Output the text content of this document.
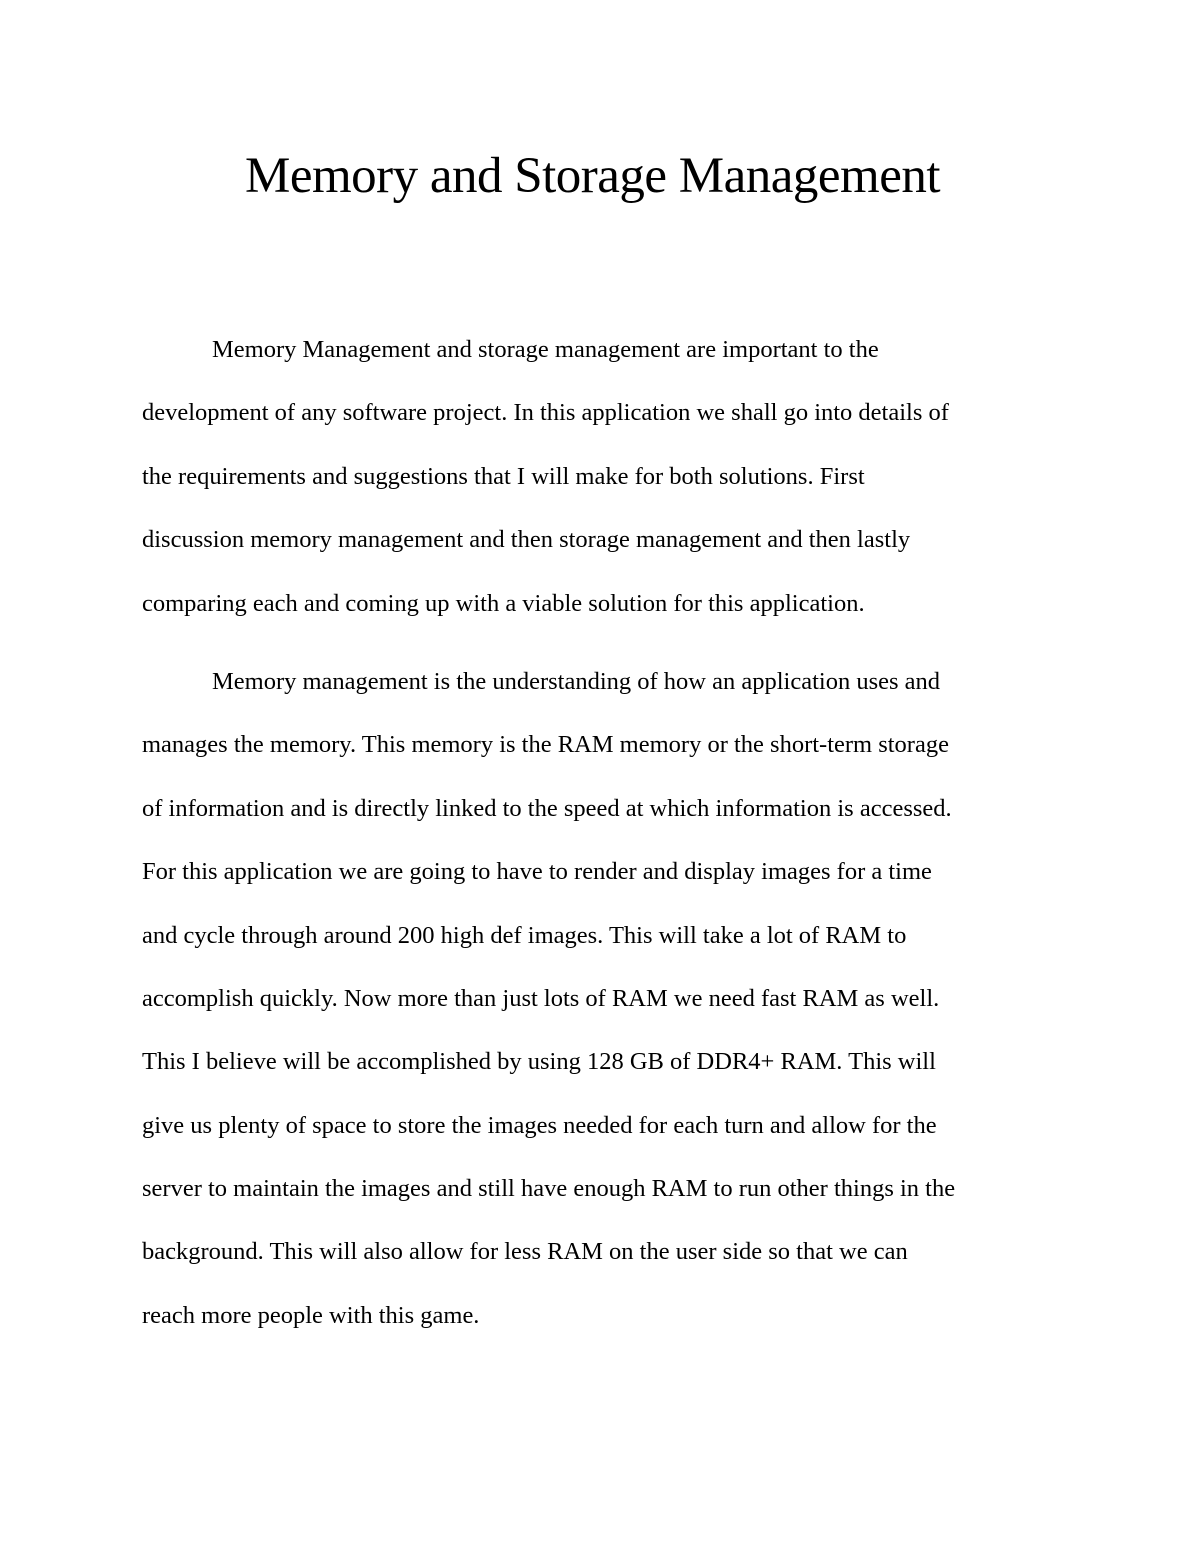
Memory and Storage Management
Memory Management and storage management are important to the
development of any software project. In this application we shall go into details of
the requirements and suggestions that I will make for both solutions. First
discussion memory management and then storage management and then lastly
comparing each and coming up with a viable solution for this application.
Memory management is the understanding of how an application uses and
manages the memory. This memory is the RAM memory or the short-term storage
of information and is directly linked to the speed at which information is accessed.
For this application we are going to have to render and display images for a time
and cycle through around 200 high def images. This will take a lot of RAM to
accomplish quickly. Now more than just lots of RAM we need fast RAM as well.
This I believe will be accomplished by using 128 GB of DDR4+ RAM. This will
give us plenty of space to store the images needed for each turn and allow for the
server to maintain the images and still have enough RAM to run other things in the
background. This will also allow for less RAM on the user side so that we can
reach more people with this game.
